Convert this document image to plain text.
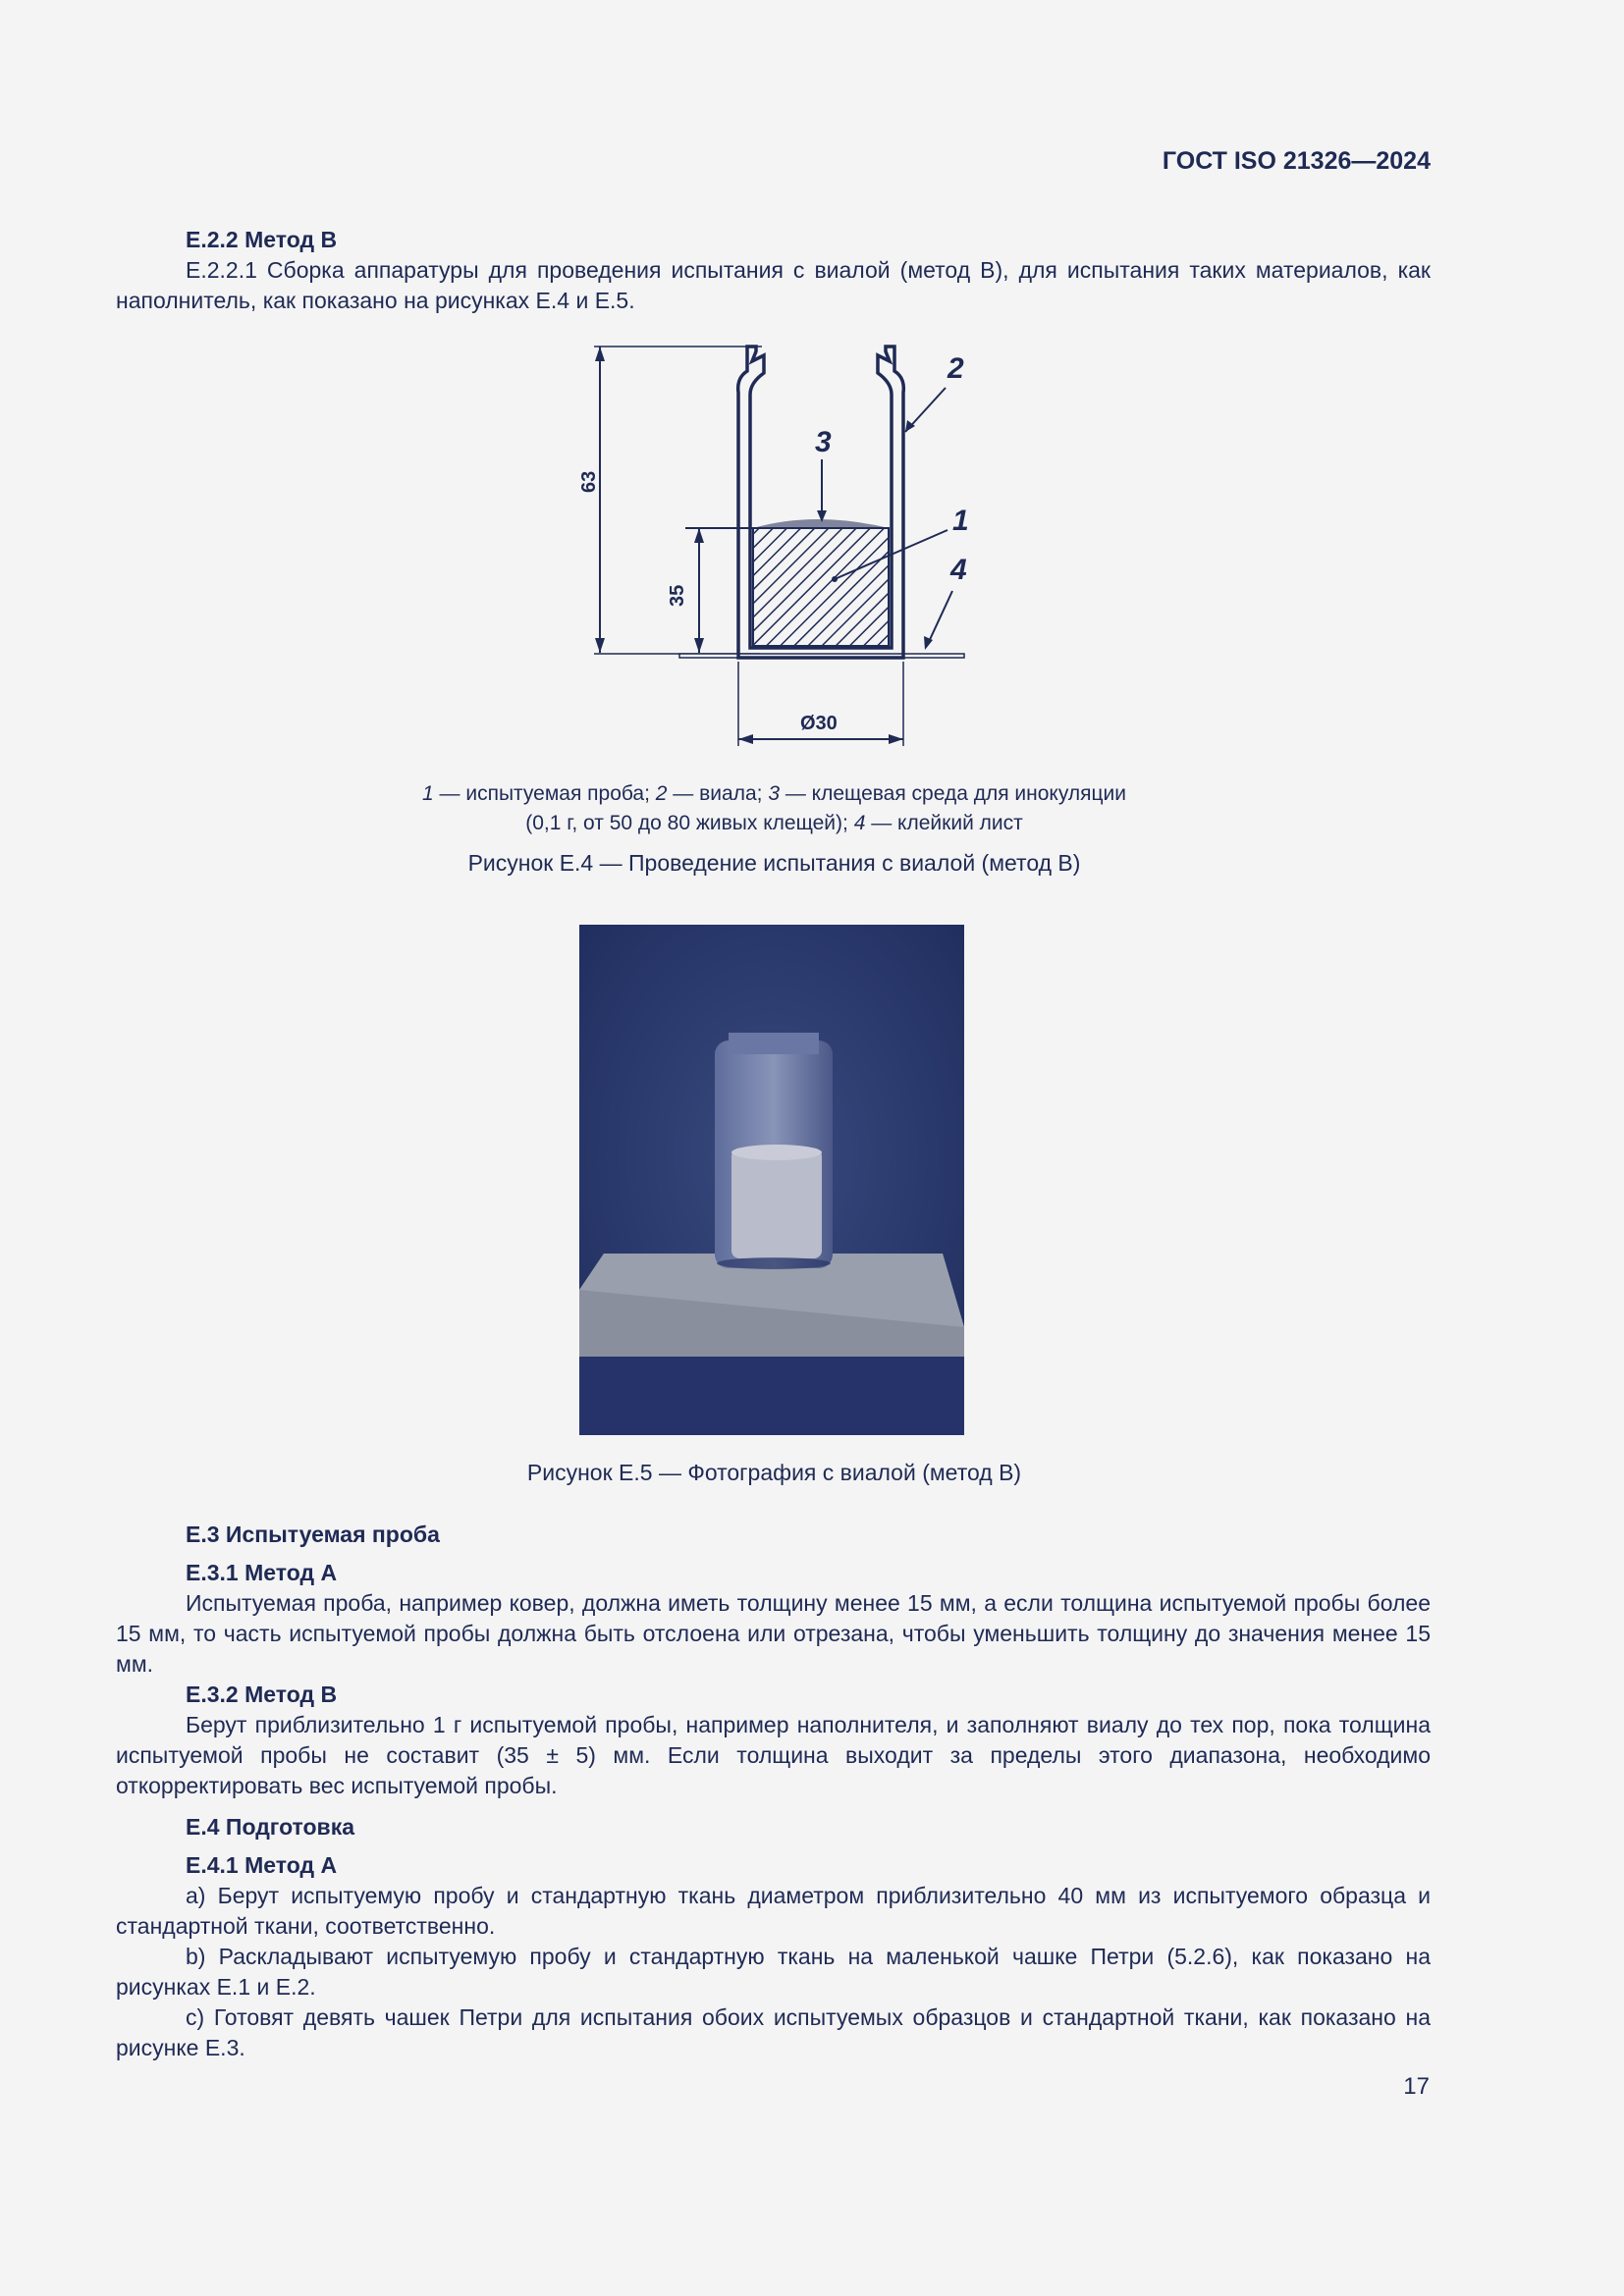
ГОСТ ISO 21326—2024
E.2.2 Метод B
E.2.2.1 Сборка аппаратуры для проведения испытания с виалой (метод B), для испытания таких материалов, как наполнитель, как показано на рисунках E.4 и E.5.
63
35
Ø30
2
3
1
4
1 — испытуемая проба; 2 — виала; 3 — клещевая среда для инокуляции
(0,1 г, от 50 до 80 живых клещей); 4 — клейкий лист
Рисунок E.4 — Проведение испытания с виалой (метод B)
Рисунок E.5 — Фотография с виалой (метод B)
E.3 Испытуемая проба
E.3.1 Метод A
Испытуемая проба, например ковер, должна иметь толщину менее 15 мм, а если толщина испытуемой пробы более 15 мм, то часть испытуемой пробы должна быть отслоена или отрезана, чтобы уменьшить толщину до значения менее 15 мм.
E.3.2 Метод B
Берут приблизительно 1 г испытуемой пробы, например наполнителя, и заполняют виалу до тех пор, пока толщина испытуемой пробы не составит (35 ± 5) мм. Если толщина выходит за пределы этого диапазона, необходимо откорректировать вес испытуемой пробы.
E.4 Подготовка
E.4.1 Метод A
a) Берут испытуемую пробу и стандартную ткань диаметром приблизительно 40 мм из испытуемого образца и стандартной ткани, соответственно.
b) Раскладывают испытуемую пробу и стандартную ткань на маленькой чашке Петри (5.2.6), как показано на рисунках E.1 и E.2.
c) Готовят девять чашек Петри для испытания обоих испытуемых образцов и стандартной ткани, как показано на рисунке E.3.
17
